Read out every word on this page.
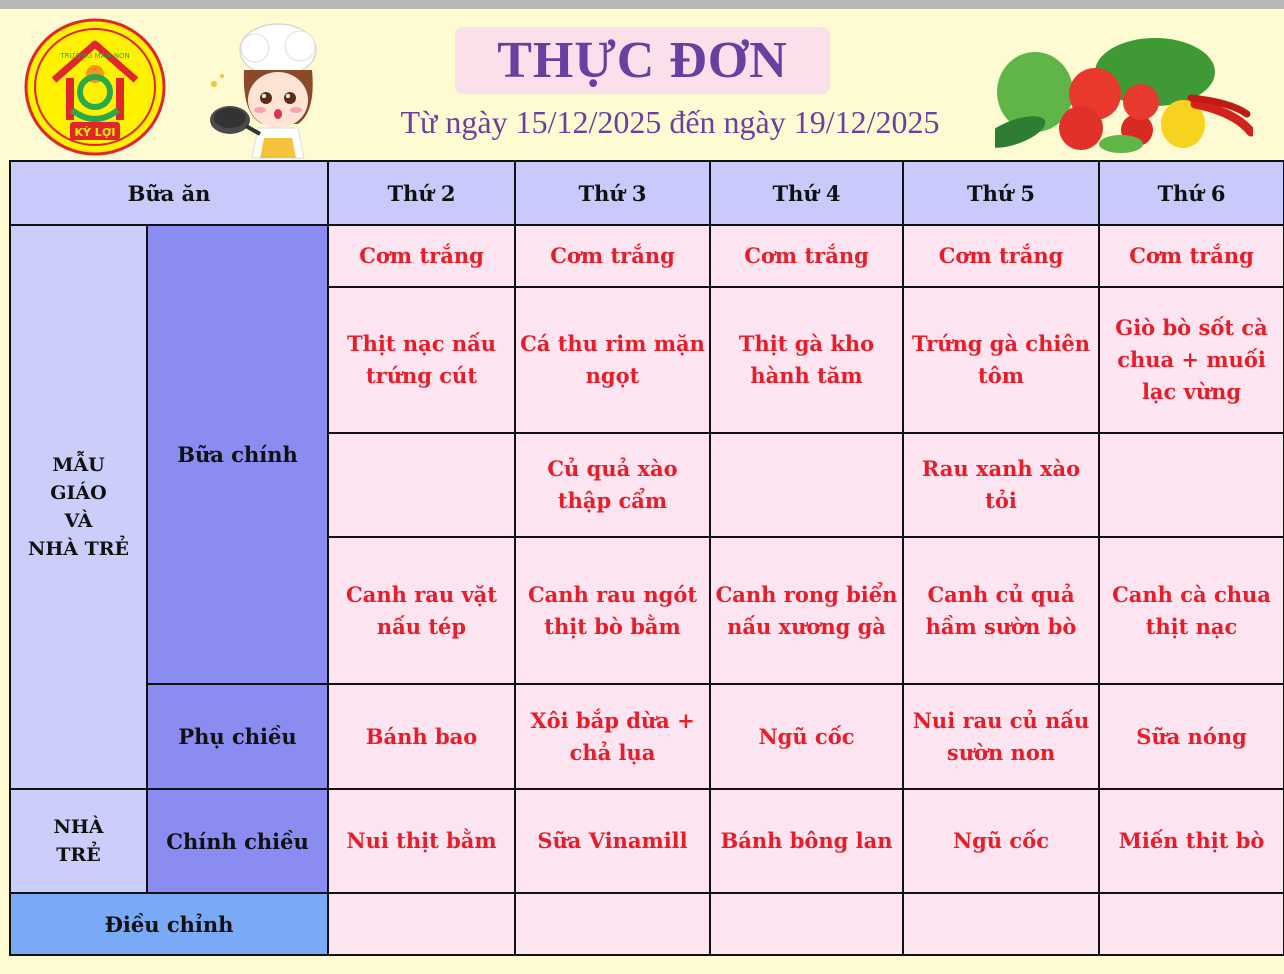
KỲ LỢI
TRƯỜNG MẦM NON	THỰC ĐƠN
Từ ngày 15/12/2025 đến ngày 19/12/2025
Bữa ăn		Thứ 2	Thứ 3	Thứ 4	Thứ 5	Thứ 6

MẪU
GIÁO
VÀ
NHÀ TRẺ	Bữa chính	Cơm trắng	Cơm trắng	Cơm trắng	Cơm trắng	Cơm trắng
		Thịt nạc nấu trứng cút	Cá thu rim mặn ngọt	Thịt gà kho hành tăm	Trứng gà chiên tôm	Giò bò sốt cà chua + muối lạc vừng
			Củ quả xào thập cẩm		Rau xanh xào tỏi	
		Canh rau vặt nấu tép	Canh rau ngót thịt bò bằm	Canh rong biển nấu xương gà	Canh củ quả hầm sườn bò	Canh cà chua thịt nạc
	Phụ chiều	Bánh bao	Xôi bắp dừa + chả lụa	Ngũ cốc	Nui rau củ nấu sườn non	Sữa nóng

NHÀ
TRẺ	Chính chiều	Nui thịt bằm	Sữa Vinamill	Bánh bông lan	Ngũ cốc	Miến thịt bò
Điều chỉnh						
